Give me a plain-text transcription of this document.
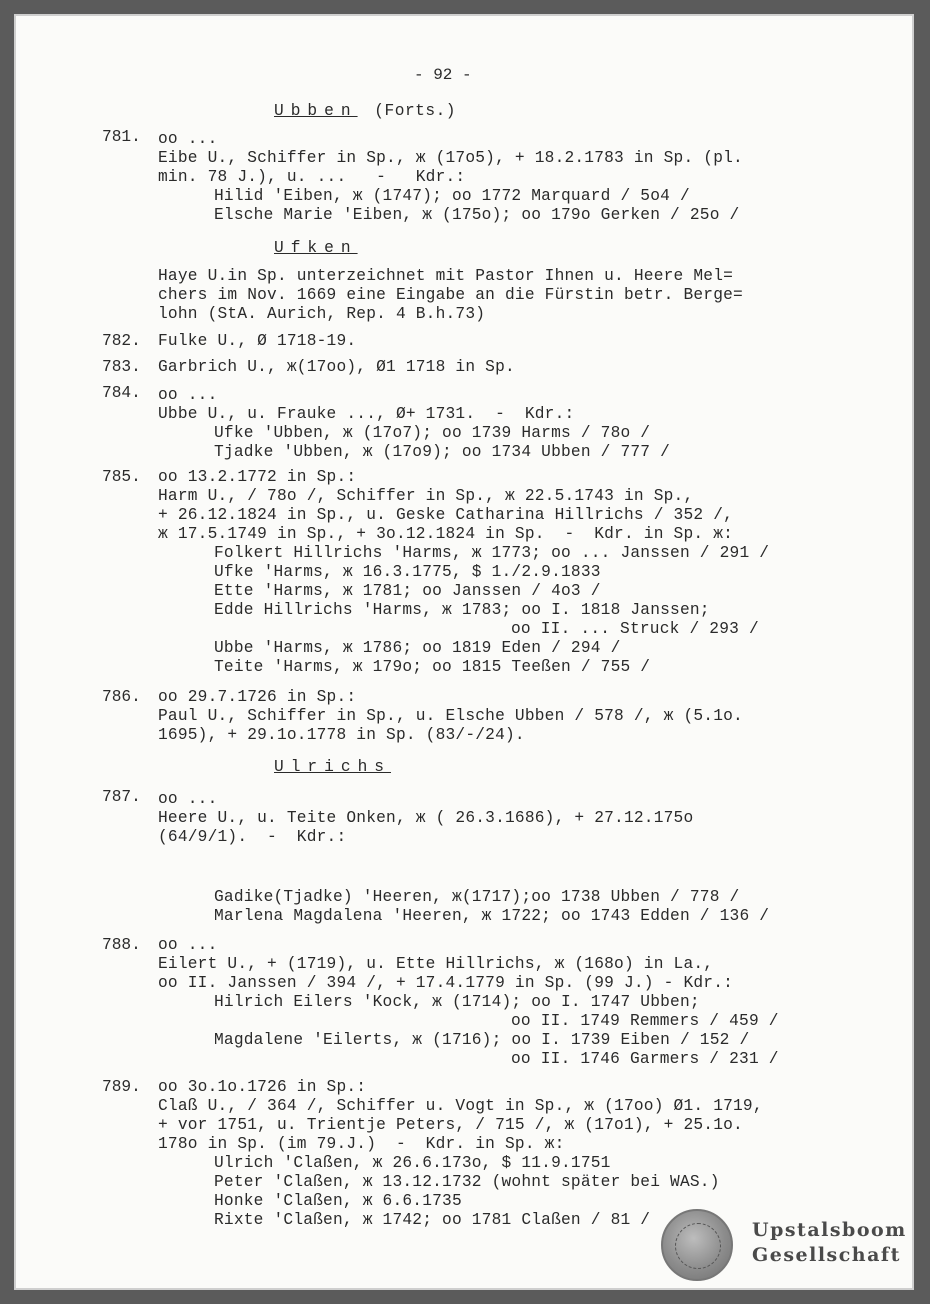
- 92 -
Ubben (Forts.)
781. oo ...
Eibe U., Schiffer in Sp., ж (17o5), + 18.2.1783 in Sp. (pl.
min. 78 J.), u. ...   -   Kdr.:
Hilid 'Eiben, ж (1747); oo 1772 Marquard / 5o4 /
Elsche Marie 'Eiben, ж (175o); oo 179o Gerken / 25o /
Ufken
Haye U.in Sp. unterzeichnet mit Pastor Ihnen u. Heere Mel=
chers im Nov. 1669 eine Eingabe an die Fürstin betr. Berge=
lohn (StA. Aurich, Rep. 4 B.h.73)
782. Fulke U., Ø 1718-19.
783. Garbrich U., ж(17oo), Ø1 1718 in Sp.
784. oo ...
Ubbe U., u. Frauke ..., Ø+ 1731.  -  Kdr.:
Ufke 'Ubben, ж (17o7); oo 1739 Harms / 78o /
Tjadke 'Ubben, ж (17o9); oo 1734 Ubben / 777 /
785. oo 13.2.1772 in Sp.:
Harm U., / 78o /, Schiffer in Sp., ж 22.5.1743 in Sp.,
+ 26.12.1824 in Sp., u. Geske Catharina Hillrichs / 352 /,
ж 17.5.1749 in Sp., + 3o.12.1824 in Sp.  -  Kdr. in Sp. ж:
Folkert Hillrichs 'Harms, ж 1773; oo ... Janssen / 291 /
Ufke 'Harms, ж 16.3.1775, $ 1./2.9.1833
Ette 'Harms, ж 1781; oo Janssen / 4o3 /
Edde Hillrichs 'Harms, ж 1783; oo I. 1818 Janssen;
oo II. ... Struck / 293 /
Ubbe 'Harms, ж 1786; oo 1819 Eden / 294 /
Teite 'Harms, ж 179o; oo 1815 Teeßen / 755 /
786. oo 29.7.1726 in Sp.:
Paul U., Schiffer in Sp., u. Elsche Ubben / 578 /, ж (5.1o.
1695), + 29.1o.1778 in Sp. (83/-/24).
Ulrichs
787. oo ...
Heere U., u. Teite Onken, ж ( 26.3.1686), + 27.12.175o
(64/9/1).  -  Kdr.:
Gadike(Tjadke) 'Heeren, ж(1717);oo 1738 Ubben / 778 /
Marlena Magdalena 'Heeren, ж 1722; oo 1743 Edden / 136 /
788. oo ...
Eilert U., + (1719), u. Ette Hillrichs, ж (168o) in La.,
oo II. Janssen / 394 /, + 17.4.1779 in Sp. (99 J.) - Kdr.:
Hilrich Eilers 'Kock, ж (1714); oo I. 1747 Ubben;
oo II. 1749 Remmers / 459 /
Magdalene 'Eilerts, ж (1716); oo I. 1739 Eiben / 152 /
oo II. 1746 Garmers / 231 /
789. oo 3o.1o.1726 in Sp.:
Claß U., / 364 /, Schiffer u. Vogt in Sp., ж (17oo) Ø1. 1719,
+ vor 1751, u. Trientje Peters, / 715 /, ж (17o1), + 25.1o.
178o in Sp. (im 79.J.)  -  Kdr. in Sp. ж:
Ulrich 'Claßen, ж 26.6.173o, $ 11.9.1751
Peter 'Claßen, ж 13.12.1732 (wohnt später bei WAS.)
Honke 'Claßen, ж 6.6.1735
Rixte 'Claßen, ж 1742; oo 1781 Claßen / 81 /	Upstalsboom
Gesellschaft
